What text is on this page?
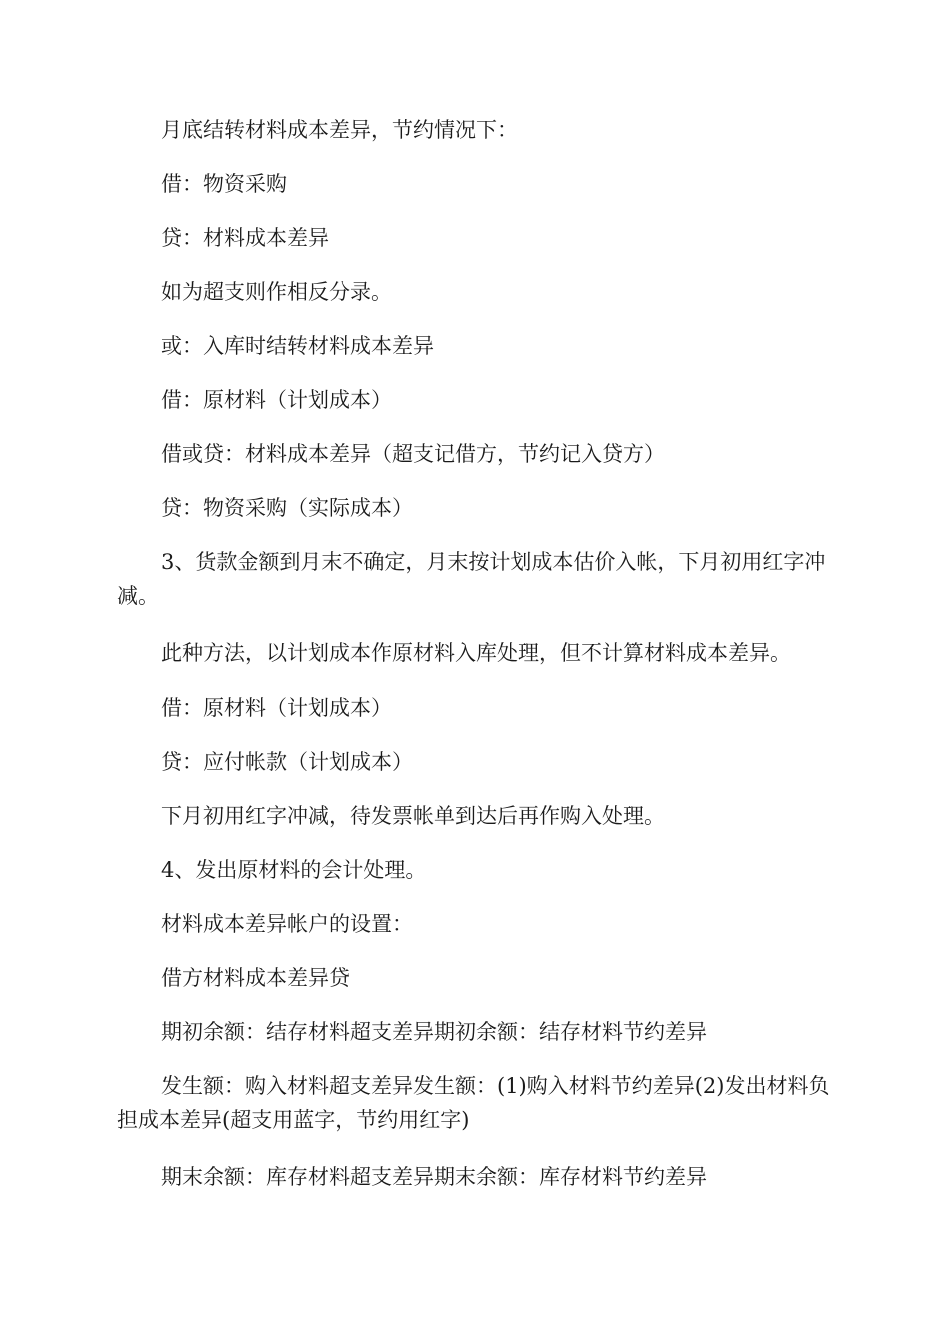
月底结转材料成本差异，节约情况下：

借：物资采购

贷：材料成本差异

如为超支则作相反分录。

或：入库时结转材料成本差异

借：原材料（计划成本）

借或贷：材料成本差异（超支记借方，节约记入贷方）

贷：物资采购（实际成本）

3、货款金额到月末不确定，月末按计划成本估价入帐，下月初用红字冲减。

此种方法，以计划成本作原材料入库处理，但不计算材料成本差异。

借：原材料（计划成本）

贷：应付帐款（计划成本）

下月初用红字冲减，待发票帐单到达后再作购入处理。

4、发出原材料的会计处理。

材料成本差异帐户的设置：

借方材料成本差异贷

期初余额：结存材料超支差异期初余额：结存材料节约差异

发生额：购入材料超支差异发生额：(1)购入材料节约差异(2)发出材料负担成本差异(超支用蓝字，节约用红字)

期末余额：库存材料超支差异期末余额：库存材料节约差异
